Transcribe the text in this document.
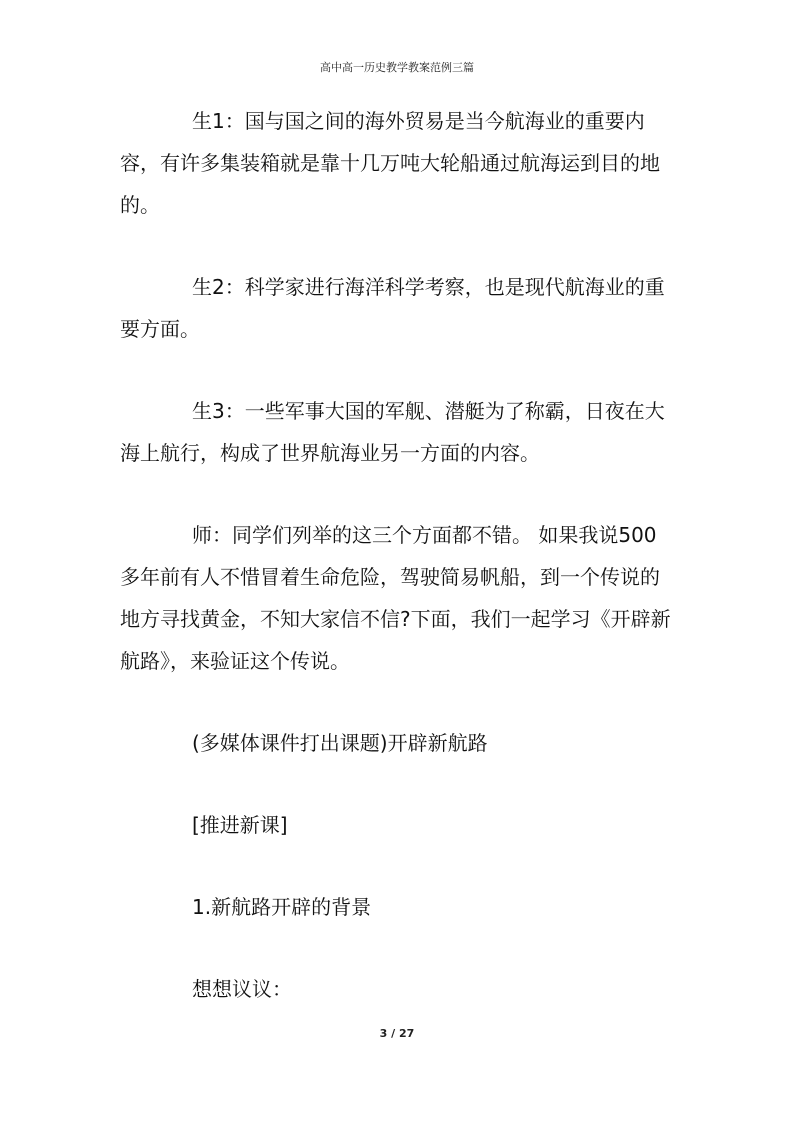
高中高一历史教学教案范例三篇

生1：国与国之间的海外贸易是当今航海业的重要内容，有许多集装箱就是靠十几万吨大轮船通过航海运到目的地的。

生2：科学家进行海洋科学考察，也是现代航海业的重要方面。

生3：一些军事大国的军舰、潜艇为了称霸，日夜在大海上航行，构成了世界航海业另一方面的内容。

师：同学们列举的这三个方面都不错。 如果我说500多年前有人不惜冒着生命危险，驾驶简易帆船，到一个传说的地方寻找黄金，不知大家信不信?下面，我们一起学习《开辟新航路》，来验证这个传说。

(多媒体课件打出课题)开辟新航路

[推进新课]

1.新航路开辟的背景

想想议议：

3 / 27
